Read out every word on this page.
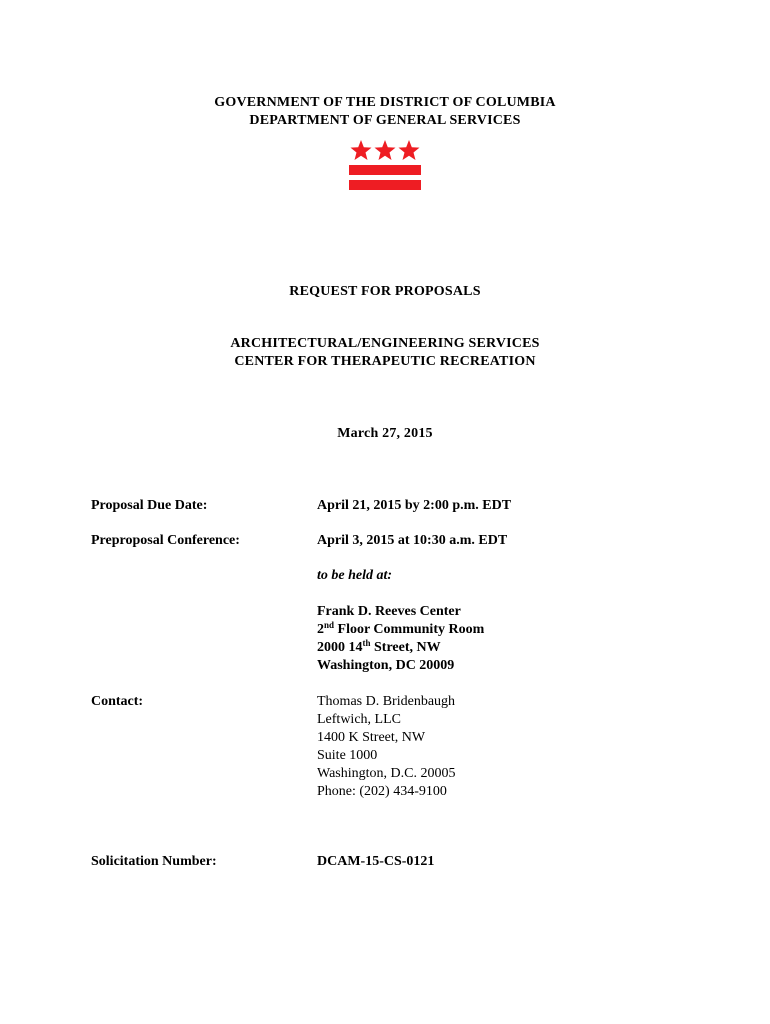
GOVERNMENT OF THE DISTRICT OF COLUMBIA
DEPARTMENT OF GENERAL SERVICES
REQUEST FOR PROPOSALS
ARCHITECTURAL/ENGINEERING SERVICES
CENTER FOR THERAPEUTIC RECREATION
March 27, 2015
Proposal Due Date:	April 21, 2015 by 2:00 p.m. EDT
Preproposal Conference:	April 3, 2015 at 10:30 a.m. EDT
to be held at:
Frank D. Reeves Center
2nd Floor Community Room
2000 14th Street, NW
Washington, DC 20009
Contact:	Thomas D. Bridenbaugh
Leftwich, LLC
1400 K Street, NW
Suite 1000
Washington, D.C. 20005
Phone: (202) 434-9100
Solicitation Number:	DCAM-15-CS-0121
